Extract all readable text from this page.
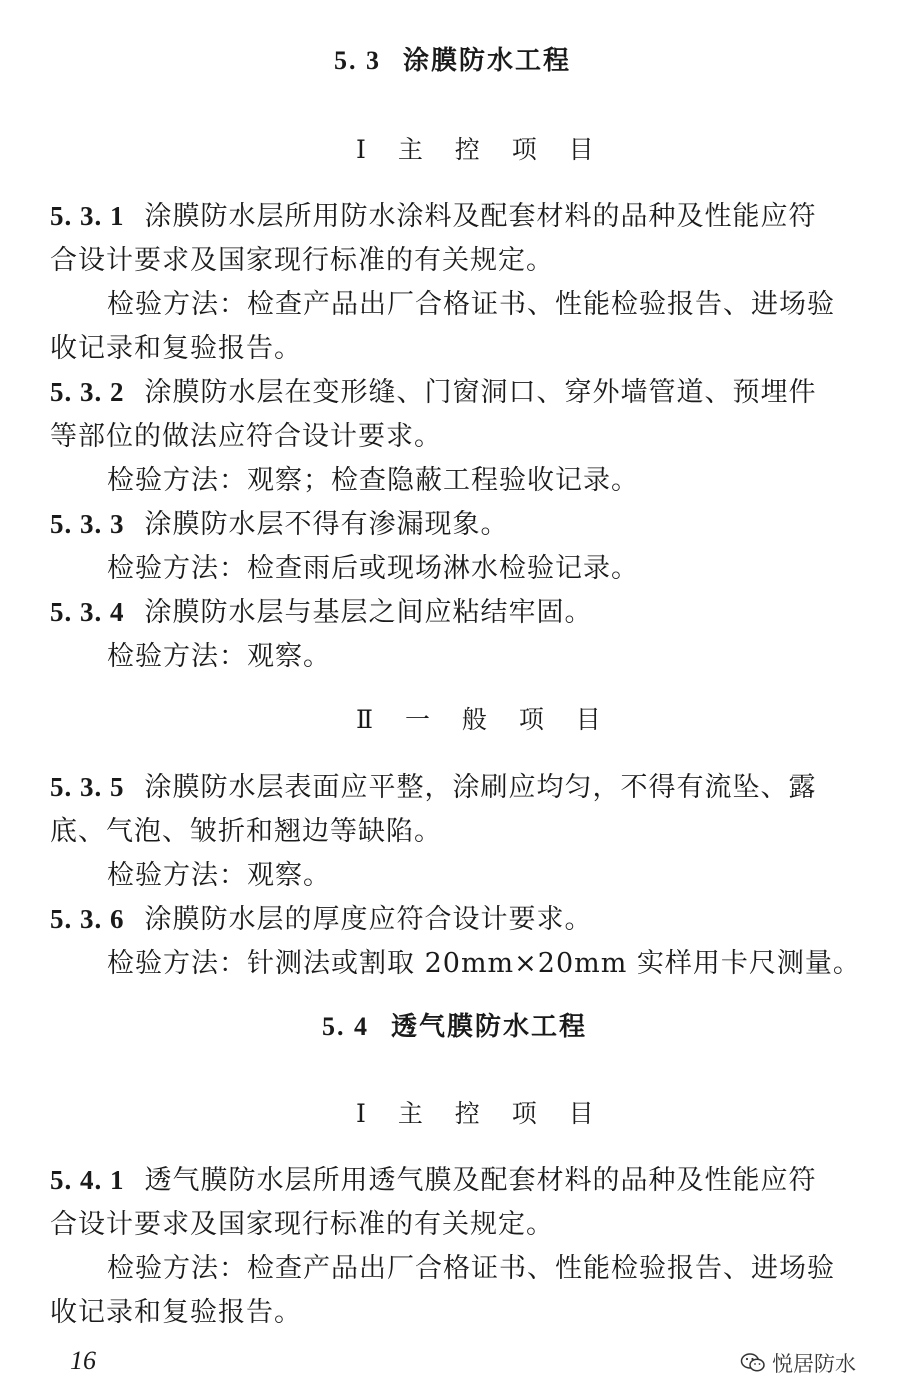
5. 3 涂膜防水工程
Ⅰ 主 控 项 目
5. 3. 1 涂膜防水层所用防水涂料及配套材料的品种及性能应符
合设计要求及国家现行标准的有关规定。
检验方法：检查产品出厂合格证书、性能检验报告、进场验
收记录和复验报告。
5. 3. 2 涂膜防水层在变形缝、门窗洞口、穿外墙管道、预埋件
等部位的做法应符合设计要求。
检验方法：观察；检查隐蔽工程验收记录。
5. 3. 3 涂膜防水层不得有渗漏现象。
检验方法：检查雨后或现场淋水检验记录。
5. 3. 4 涂膜防水层与基层之间应粘结牢固。
检验方法：观察。
Ⅱ 一 般 项 目
5. 3. 5 涂膜防水层表面应平整，涂刷应均匀，不得有流坠、露
底、气泡、皱折和翘边等缺陷。
检验方法：观察。
5. 3. 6 涂膜防水层的厚度应符合设计要求。
检验方法：针测法或割取 20mm×20mm 实样用卡尺测量。
5. 4 透气膜防水工程
Ⅰ 主 控 项 目
5. 4. 1 透气膜防水层所用透气膜及配套材料的品种及性能应符
合设计要求及国家现行标准的有关规定。
检验方法：检查产品出厂合格证书、性能检验报告、进场验
收记录和复验报告。
16	悦居防水
